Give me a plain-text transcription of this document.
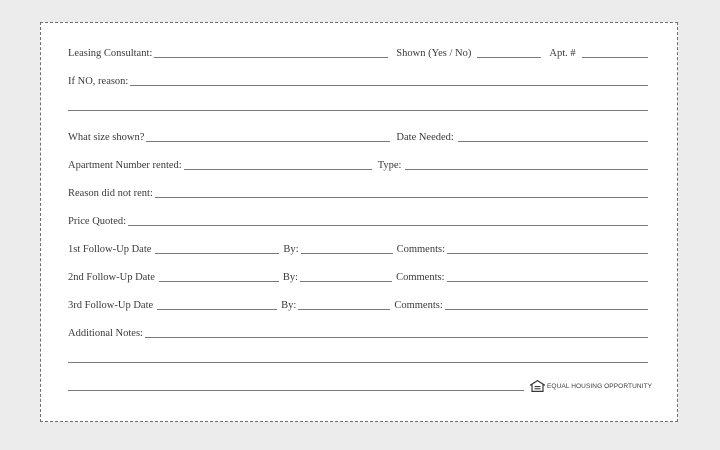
Leasing Consultant:	Shown (Yes / No)	Apt. #
If NO, reason:
What size shown?	Date Needed:
Apartment Number rented:	Type:
Reason did not rent:
Price Quoted:
1st Follow-Up Date	By:	Comments:
2nd Follow-Up Date	By:	Comments:
3rd Follow-Up Date	By:	Comments:
Additional Notes:
EQUAL HOUSING OPPORTUNITY
